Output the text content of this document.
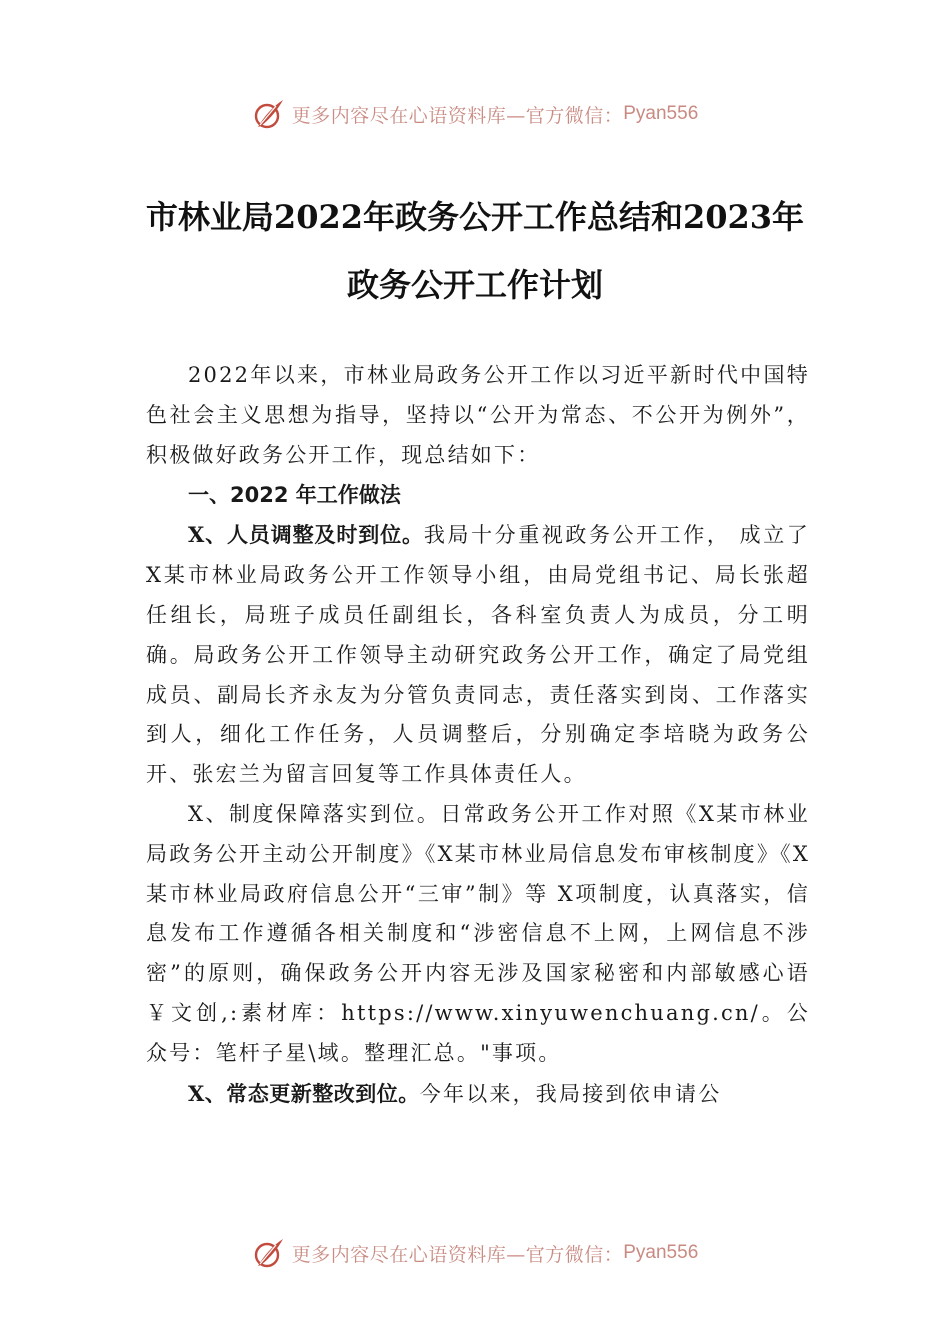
更多内容尽在心语资料库—官方微信： Pyan556
市林业局2022年政务公开工作总结和2023年政务公开工作计划

2022年以来，市林业局政务公开工作以习近平新时代中国特色社会主义思想为指导，坚持以“公开为常态、不公开为例外”，积极做好政务公开工作，现总结如下：

一、2022 年工作做法

X、人员调整及时到位。我局十分重视政务公开工作， 成立了 X某市林业局政务公开工作领导小组，由局党组书记、局长张超任组长，局班子成员任副组长，各科室负责人为成员，分工明确。局政务公开工作领导主动研究政务公开工作，确定了局党组成员、副局长齐永友为分管负责同志，责任落实到岗、工作落实到人，细化工作任务，人员调整后，分别确定李培晓为政务公开、张宏兰为留言回复等工作具体责任人。

X、制度保障落实到位。日常政务公开工作对照《X某市林业局政务公开主动公开制度》《X某市林业局信息发布审核制度》《X某市林业局政府信息公开“三审”制》等 X项制度，认真落实，信息发布工作遵循各相关制度和“涉密信息不上网，上网信息不涉密”的原则，确保政务公开内容无涉及国家秘密和内部敏感心语￥文创,:素材库：https://www.xinyuwenchuang.cn/。公众号：笔杆子星\域。整理汇总。"事项。

X、常态更新整改到位。今年以来，我局接到依申请公

更多内容尽在心语资料库—官方微信： Pyan556
